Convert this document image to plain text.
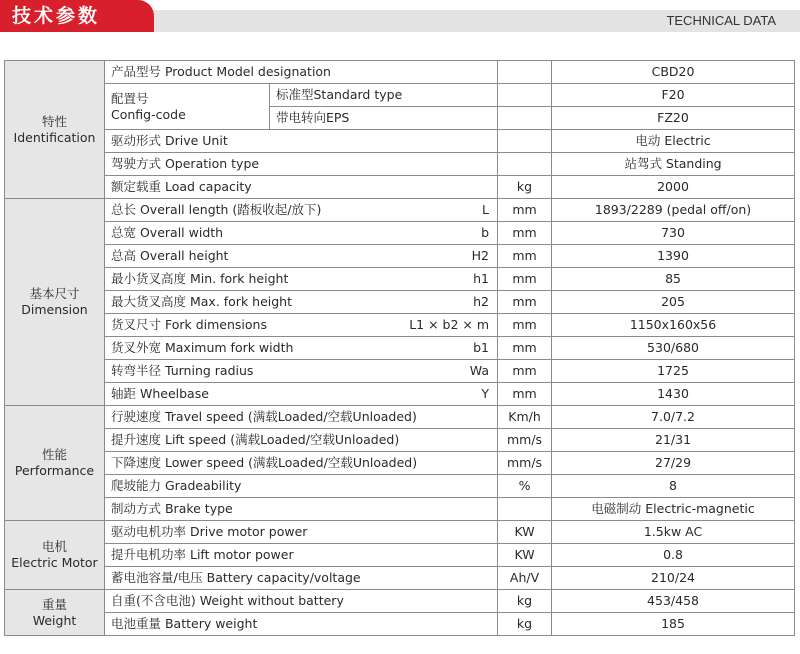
技术参数	TECHNICAL DATA
特性
Identification	产品型号 Product Model designation			CBD20

	配置号
Config-code	标准型Standard type		F20
		带电转向EPS		FZ20
	驱动形式 Drive Unit			电动 Electric
	驾驶方式 Operation type			站驾式 Standing
	额定载重 Load capacity		kg	2000

基本尺寸
Dimension	总长 Overall length (踏板收起/放下) L		mm	1893/2289 (pedal off/on)
	总宽 Overall width b		mm	730
	总高 Overall height H2		mm	1390
	最小货叉高度 Min. fork height h1		mm	85
	最大货叉高度 Max. fork height h2		mm	205
	货叉尺寸 Fork dimensions L1 × b2 × m		mm	1150x160x56
	货叉外宽 Maximum fork width b1		mm	530/680
	转弯半径 Turning radius Wa		mm	1725
	轴距 Wheelbase Y		mm	1430

性能
Performance	行驶速度 Travel speed (满载Loaded/空载Unloaded)		Km/h	7.0/7.2
	提升速度 Lift speed (满载Loaded/空载Unloaded)		mm/s	21/31
	下降速度 Lower speed (满载Loaded/空载Unloaded)		mm/s	27/29
	爬坡能力 Gradeability		%	8
	制动方式 Brake type			电磁制动 Electric-magnetic

电机
Electric Motor	驱动电机功率 Drive motor power		KW	1.5kw AC
	提升电机功率 Lift motor power		KW	0.8
	蓄电池容量/电压 Battery capacity/voltage		Ah/V	210/24

重量
Weight	自重(不含电池) Weight without battery		kg	453/458
	电池重量 Battery weight		kg	185
